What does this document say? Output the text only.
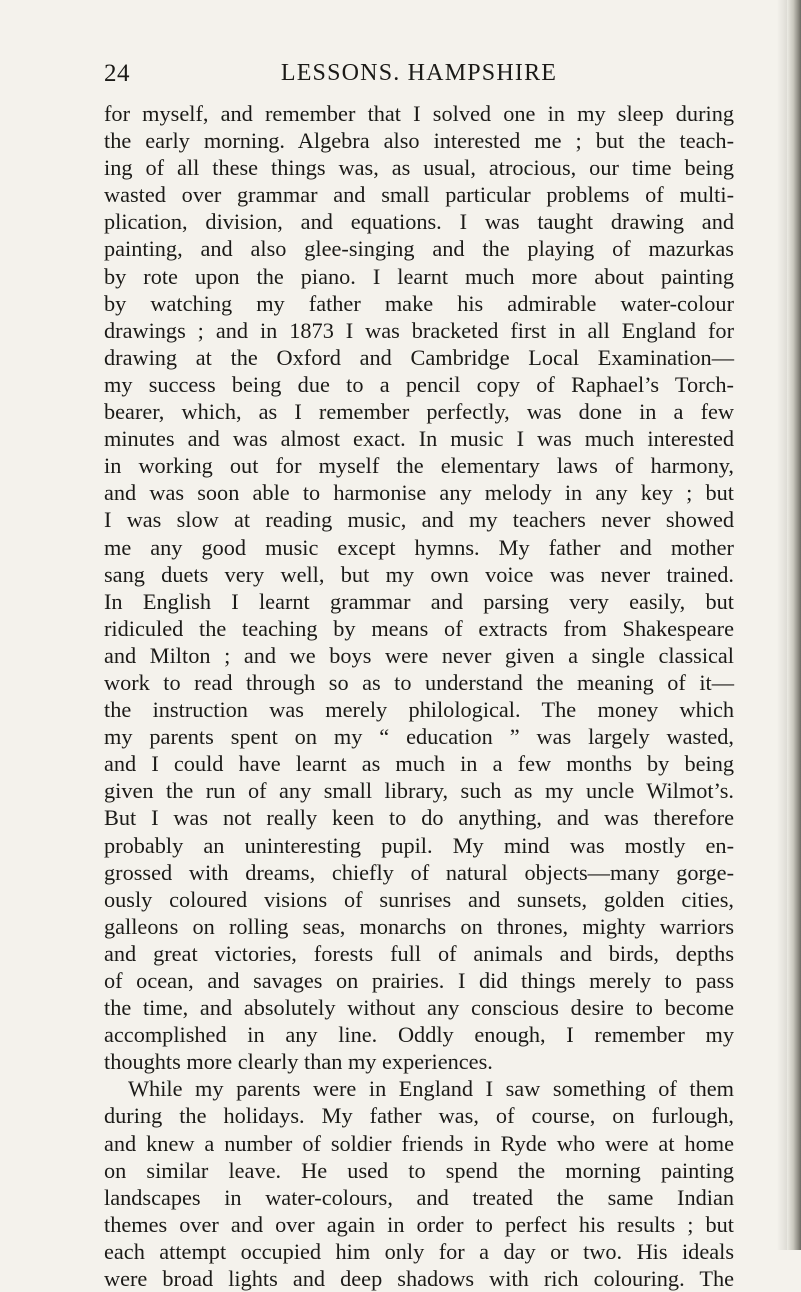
24	LESSONS. HAMPSHIRE
for myself, and remember that I solved one in my sleep during
the early morning. Algebra also interested me ; but the teach-
ing of all these things was, as usual, atrocious, our time being
wasted over grammar and small particular problems of multi-
plication, division, and equations. I was taught drawing and
painting, and also glee-singing and the playing of mazurkas
by rote upon the piano. I learnt much more about painting
by watching my father make his admirable water-colour
drawings ; and in 1873 I was bracketed first in all England for
drawing at the Oxford and Cambridge Local Examination—
my success being due to a pencil copy of Raphael’s Torch-
bearer, which, as I remember perfectly, was done in a few
minutes and was almost exact. In music I was much interested
in working out for myself the elementary laws of harmony,
and was soon able to harmonise any melody in any key ; but
I was slow at reading music, and my teachers never showed
me any good music except hymns. My father and mother
sang duets very well, but my own voice was never trained.
In English I learnt grammar and parsing very easily, but
ridiculed the teaching by means of extracts from Shakespeare
and Milton ; and we boys were never given a single classical
work to read through so as to understand the meaning of it—
the instruction was merely philological. The money which
my parents spent on my “ education ” was largely wasted,
and I could have learnt as much in a few months by being
given the run of any small library, such as my uncle Wilmot’s.
But I was not really keen to do anything, and was therefore
probably an uninteresting pupil. My mind was mostly en-
grossed with dreams, chiefly of natural objects—many gorge-
ously coloured visions of sunrises and sunsets, golden cities,
galleons on rolling seas, monarchs on thrones, mighty warriors
and great victories, forests full of animals and birds, depths
of ocean, and savages on prairies. I did things merely to pass
the time, and absolutely without any conscious desire to become
accomplished in any line. Oddly enough, I remember my
thoughts more clearly than my experiences.
While my parents were in England I saw something of them
during the holidays. My father was, of course, on furlough,
and knew a number of soldier friends in Ryde who were at home
on similar leave. He used to spend the morning painting
landscapes in water-colours, and treated the same Indian
themes over and over again in order to perfect his results ; but
each attempt occupied him only for a day or two. His ideals
were broad lights and deep shadows with rich colouring. The
